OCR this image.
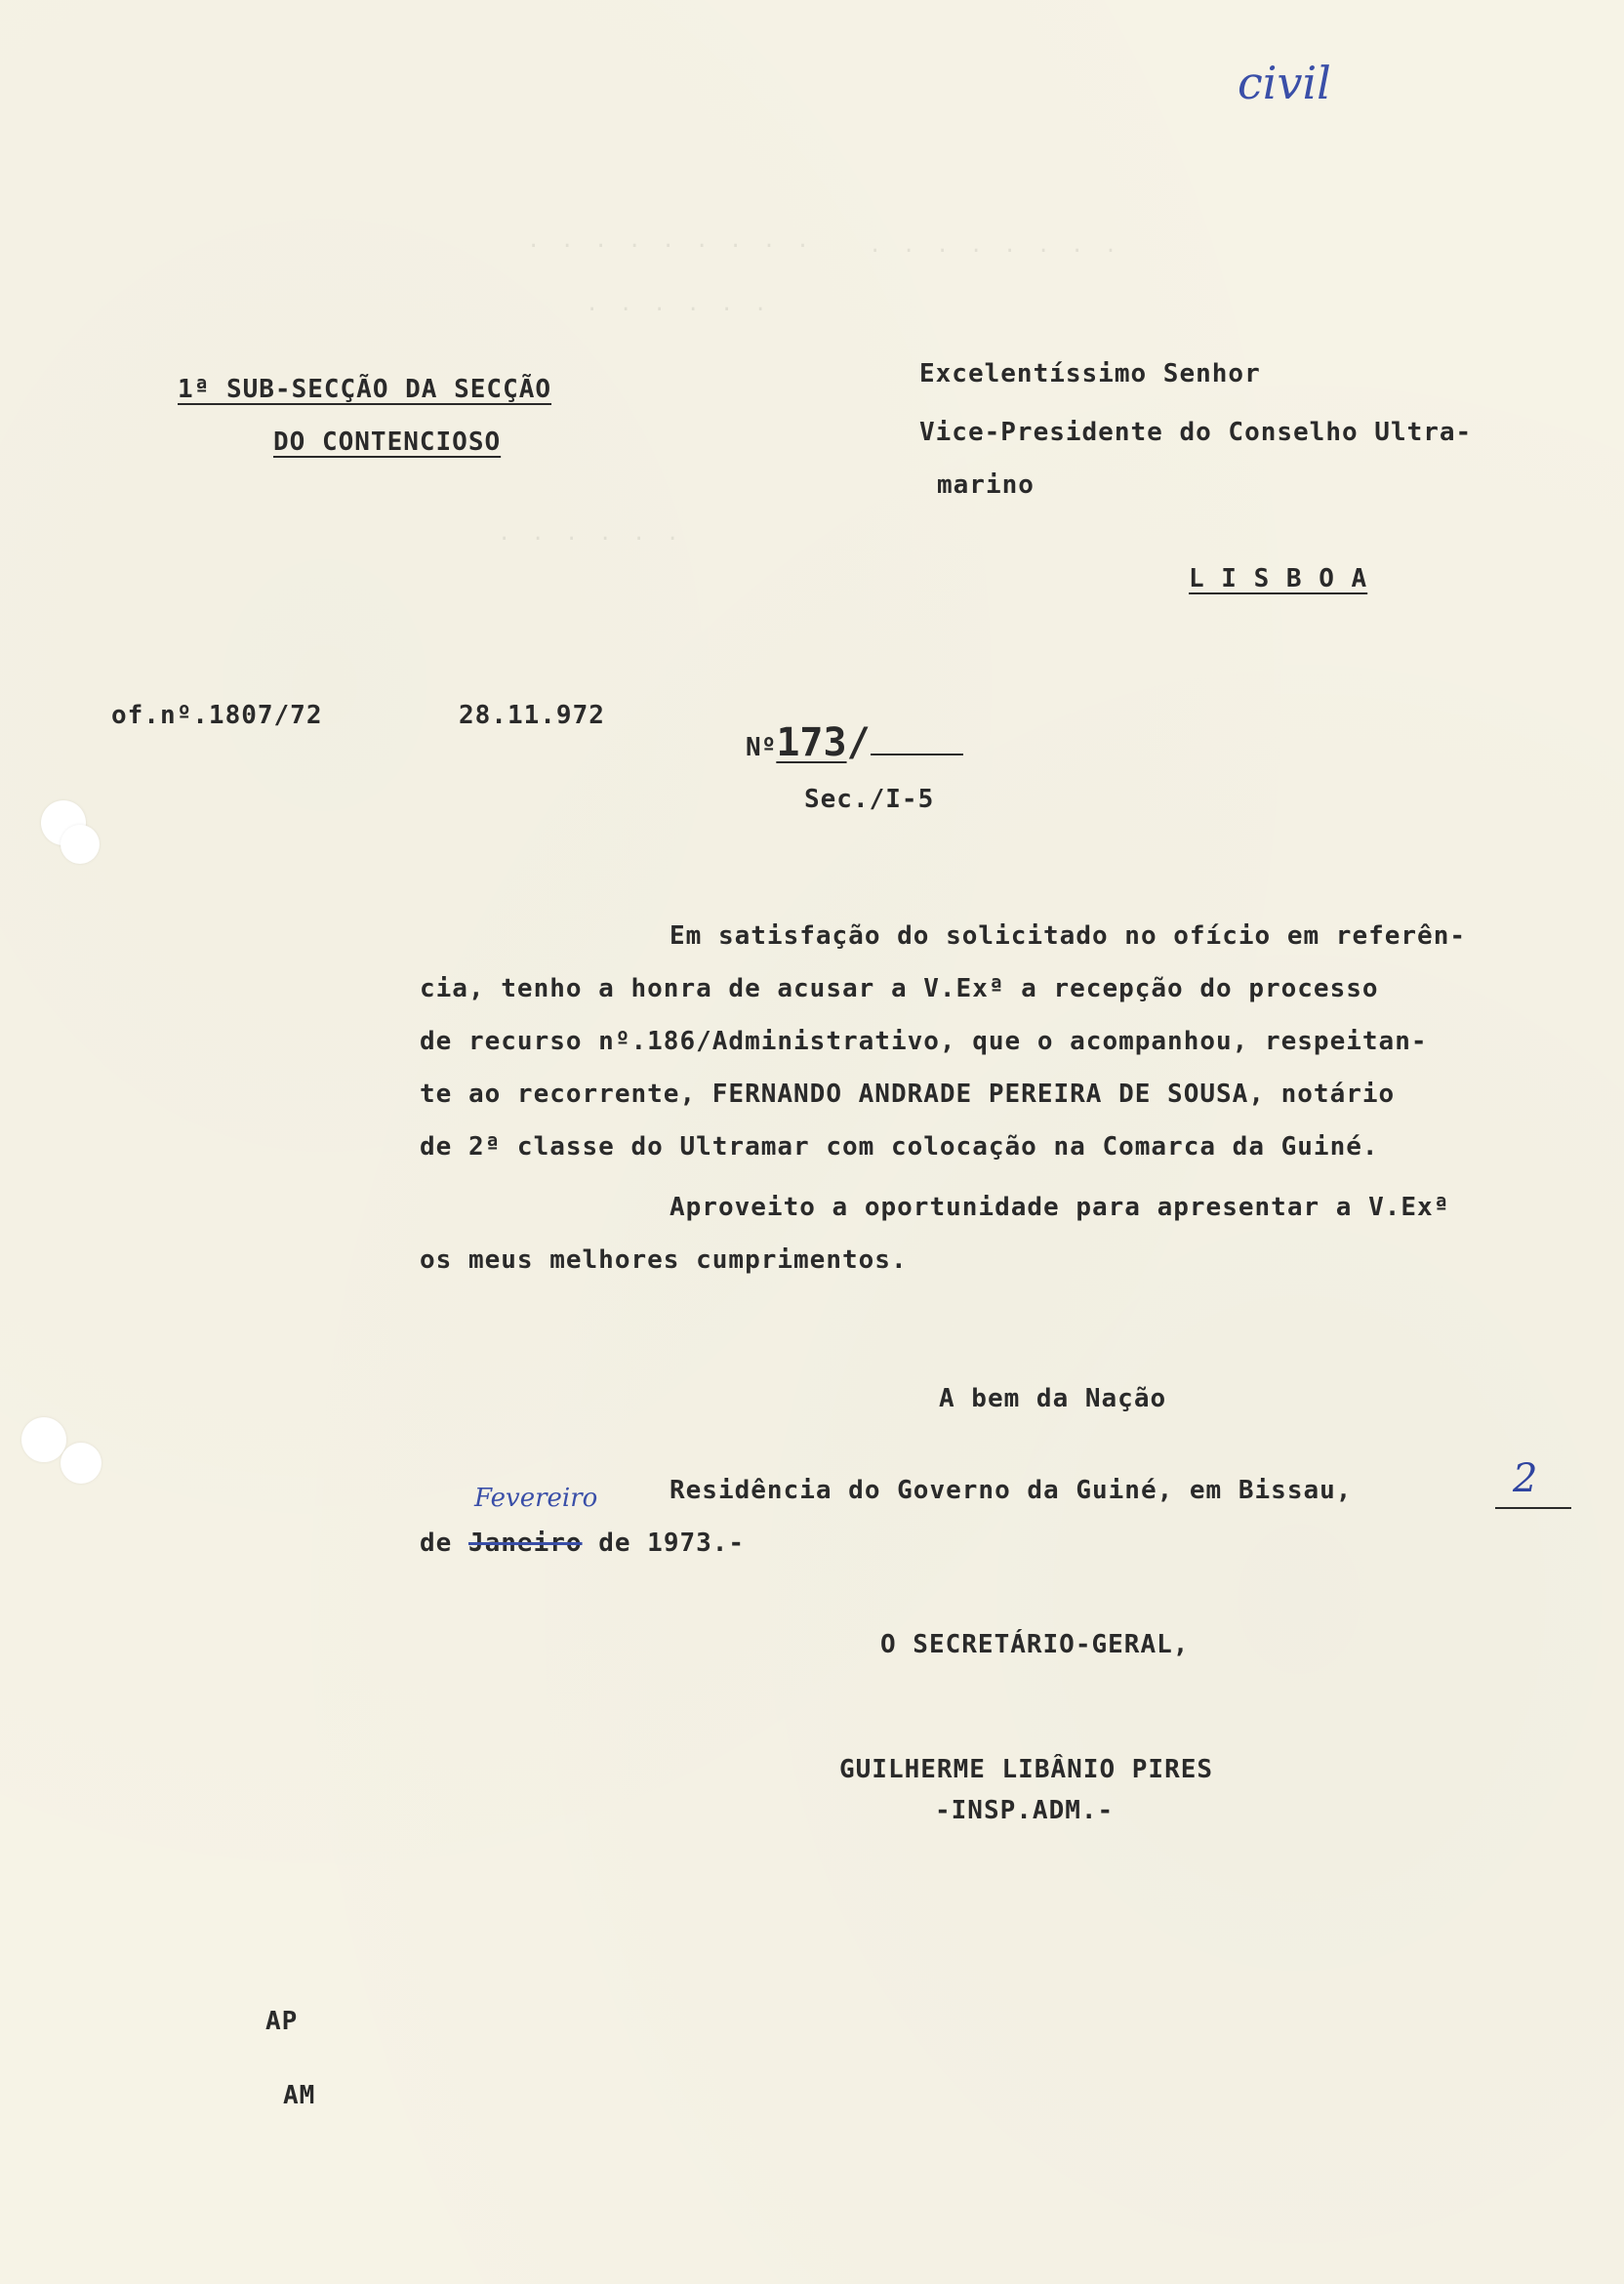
· · · · · · · · ·	· · · · · · · ·
· · · · · ·
· · · · · ·
civil
1ª SUB-SECÇÃO DA SECÇÃO
DO CONTENCIOSO
Excelentíssimo Senhor
Vice-Presidente do Conselho Ultra-
marino
L I S B O A
of.nº.1807/72	28.11.972
Nº173/
Sec./I-5
Em satisfação do solicitado no ofício em referên-
cia, tenho a honra de acusar a V.Exª a recepção do processo
de recurso nº.186/Administrativo, que o acompanhou, respeitan-
te ao recorrente, FERNANDO ANDRADE PEREIRA DE SOUSA, notário
de 2ª classe do Ultramar com colocação na Comarca da Guiné.
Aproveito a oportunidade para apresentar a V.Exª
os meus melhores cumprimentos.
A bem da Nação
Residência do Governo da Guiné, em Bissau,	2
Fevereiro
de Janeiro de 1973.-
O SECRETÁRIO-GERAL,
GUILHERME LIBÂNIO PIRES
-INSP.ADM.-
AP
AM
